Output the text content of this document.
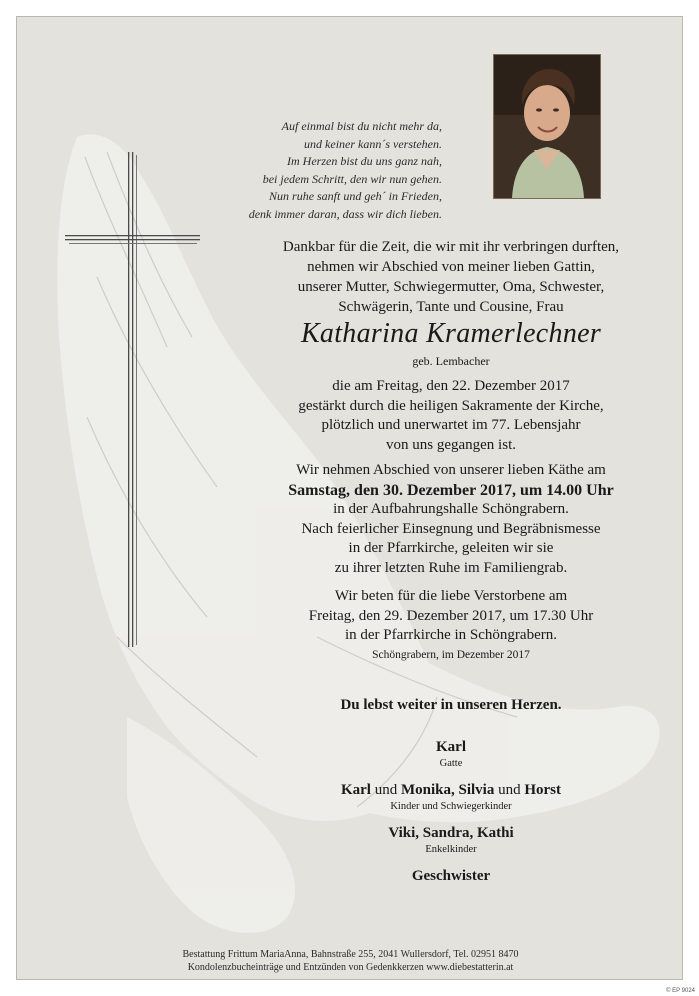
Auf einmal bist du nicht mehr da,
und keiner kann´s verstehen.
Im Herzen bist du uns ganz nah,
bei jedem Schritt, den wir nun gehen.
Nun ruhe sanft und geh´ in Frieden,
denk immer daran, dass wir dich lieben.
Dankbar für die Zeit, die wir mit ihr verbringen durften,
nehmen wir Abschied von meiner lieben Gattin,
unserer Mutter, Schwiegermutter, Oma, Schwester,
Schwägerin, Tante und Cousine, Frau
Katharina Kramerlechner
geb. Lembacher
die am Freitag, den 22. Dezember 2017
gestärkt durch die heiligen Sakramente der Kirche,
plötzlich und unerwartet im 77. Lebensjahr
von uns gegangen ist.
Wir nehmen Abschied von unserer lieben Käthe am
Samstag, den 30. Dezember 2017, um 14.00 Uhr
in der Aufbahrungshalle Schöngrabern.
Nach feierlicher Einsegnung und Begräbnismesse
in der Pfarrkirche, geleiten wir sie
zu ihrer letzten Ruhe im Familiengrab.
Wir beten für die liebe Verstorbene am
Freitag, den 29. Dezember 2017, um 17.30 Uhr
in der Pfarrkirche in Schöngrabern.
Schöngrabern, im Dezember 2017
Du lebst weiter in unseren Herzen.
Karl
Gatte
Karl und Monika, Silvia und Horst
Kinder und Schwiegerkinder
Viki, Sandra, Kathi
Enkelkinder
Geschwister
Bestattung Frittum MariaAnna, Bahnstraße 255, 2041 Wullersdorf, Tel. 02951 8470
Kondolenzbucheinträge und Entzünden von Gedenkkerzen www.diebestatterin.at
© EP 9024
